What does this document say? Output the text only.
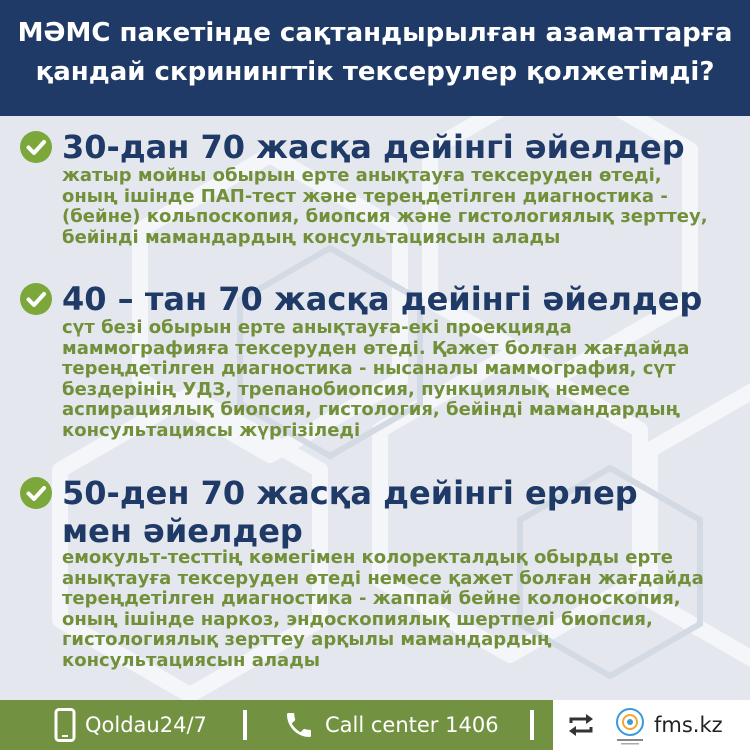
МӘМС пакетінде сақтандырылған азаматтарға
қандай скринингтік тексерулер қолжетімді?
30-дан 70 жасқа дейінгі әйелдер
жатыр мойны обырын ерте анықтауға тексеруден өтеді,
оның ішінде ПАП-тест және тереңдетілген диагностика -
(бейне) кольпоскопия, биопсия және гистологиялық зерттеу,
бейінді мамандардың консультациясын алады
40 – тан 70 жасқа дейінгі әйелдер
сүт безі обырын ерте анықтауға-екі проекцияда
маммографияға тексеруден өтеді. Қажет болған жағдайда
тереңдетілген диагностика - нысаналы маммография, сүт
бездерінің УДЗ, трепанобиопсия, пункциялық немесе
аспирациялық биопсия, гистология, бейінді мамандардың
консультациясы жүргізіледі
50-ден 70 жасқа дейінгі ерлер
мен әйелдер
емокульт-тесттің көмегімен колоректалдық обырды ерте
анықтауға тексеруден өтеді немесе қажет болған жағдайда
тереңдетілген диагностика - жаппай бейне колоноскопия,
оның ішінде наркоз, эндоскопиялық шертпелі биопсия,
гистологиялық зерттеу арқылы мамандардың
консультациясын алады
Qoldau24/7	Call center 1406	fms.kz
